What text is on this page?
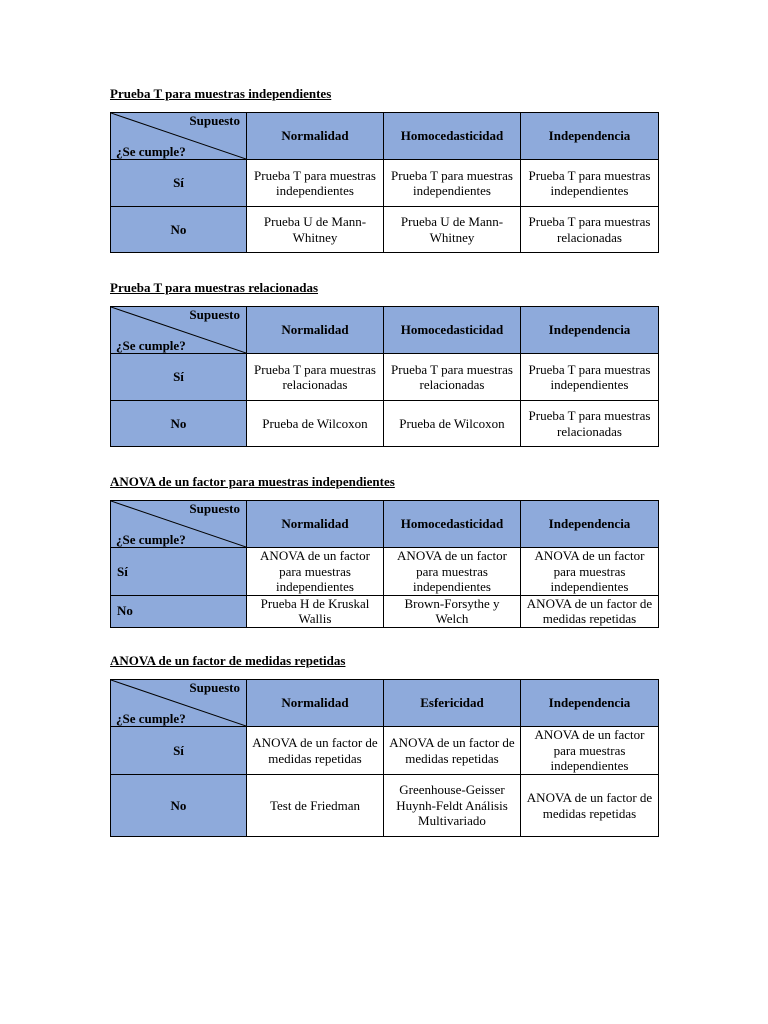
Prueba T para muestras independientes

Supuesto
¿Se cumple?	Normalidad	Homocedasticidad	Independencia
Sí	Prueba T para muestras independientes	Prueba T para muestras independientes	Prueba T para muestras independientes
No	Prueba U de Mann-Whitney	Prueba U de Mann-Whitney	Prueba T para muestras relacionadas

Prueba T para muestras relacionadas

Supuesto
¿Se cumple?	Normalidad	Homocedasticidad	Independencia
Sí	Prueba T para muestras relacionadas	Prueba T para muestras relacionadas	Prueba T para muestras independientes
No	Prueba de Wilcoxon	Prueba de Wilcoxon	Prueba T para muestras relacionadas

ANOVA de un factor para muestras independientes

Supuesto
¿Se cumple?	Normalidad	Homocedasticidad	Independencia
Sí	ANOVA de un factor para muestras independientes	ANOVA de un factor para muestras independientes	ANOVA de un factor para muestras independientes
No	Prueba H de Kruskal Wallis	Brown-Forsythe y Welch	ANOVA de un factor de medidas repetidas

ANOVA de un factor de medidas repetidas

Supuesto
¿Se cumple?	Normalidad	Esfericidad	Independencia
Sí	ANOVA de un factor de medidas repetidas	ANOVA de un factor de medidas repetidas	ANOVA de un factor para muestras independientes
No	Test de Friedman	Greenhouse-Geisser Huynh-Feldt Análisis Multivariado	ANOVA de un factor de medidas repetidas
